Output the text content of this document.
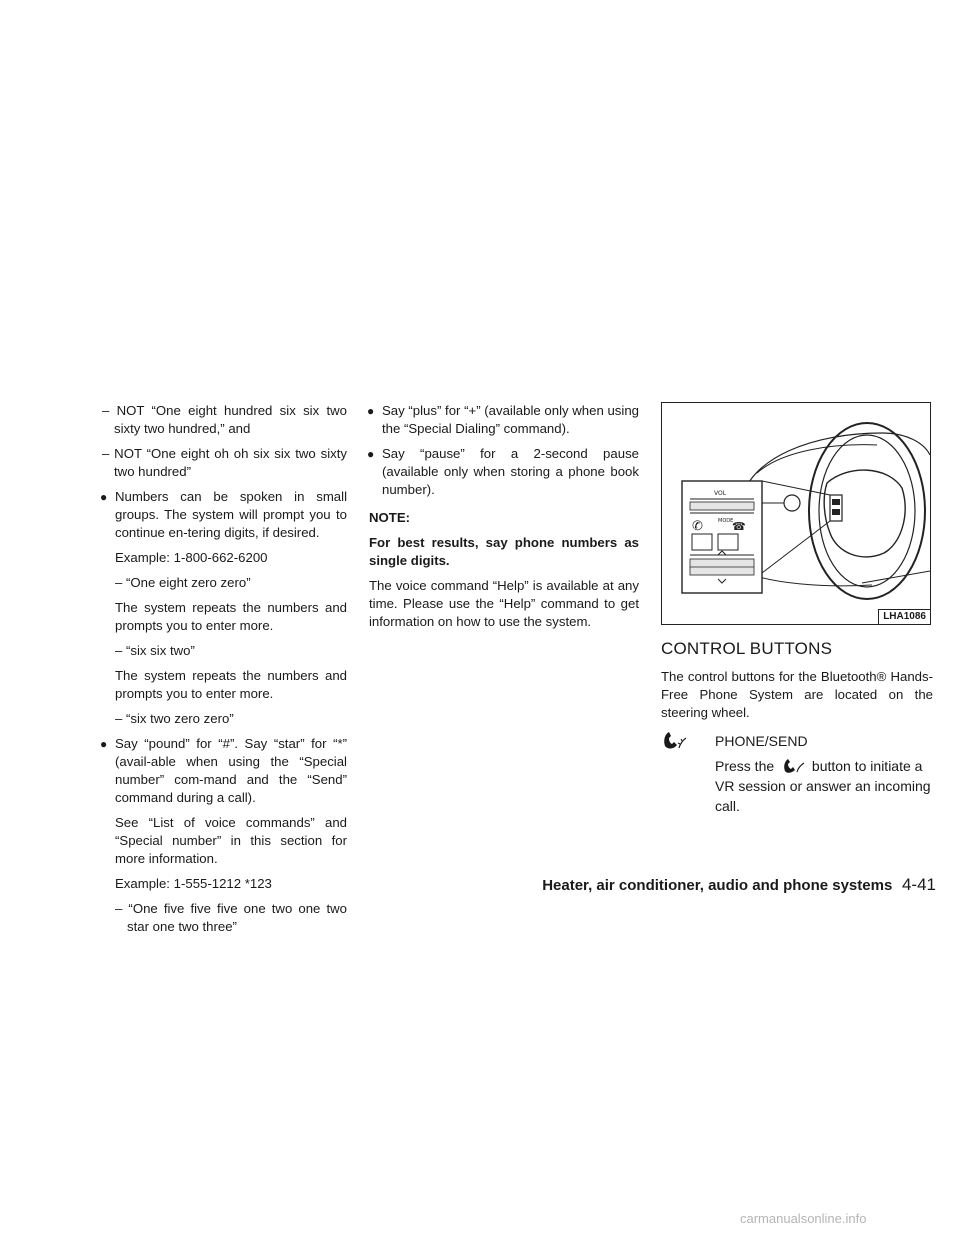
– NOT “One eight hundred six six two sixty two hundred,” and

– NOT “One eight oh oh six six two sixty two hundred”

● Numbers can be spoken in small groups. The system will prompt you to continue en-tering digits, if desired.

Example: 1-800-662-6200

– “One eight zero zero”

The system repeats the numbers and prompts you to enter more.

– “six six two”

The system repeats the numbers and prompts you to enter more.

– “six two zero zero”

● Say “pound” for “#”. Say “star” for “*” (avail-able when using the “Special number” com-mand and the “Send” command during a call).

See “List of voice commands” and “Special number” in this section for more information.

Example: 1-555-1212 *123

– “One five five five one two one two star one two three”

● Say “plus” for “+” (available only when using the “Special Dialing” command).

● Say “pause” for a 2-second pause (available only when storing a phone book number).

NOTE:

For best results, say phone numbers as single digits.

The voice command “Help” is available at any time. Please use the “Help” command to get information on how to use the system.

✆	☎
VOL
MODE
LHA1086
CONTROL BUTTONS

The control buttons for the Bluetooth® Hands-Free Phone System are located on the steering wheel.

PHONE/SEND
Press the	button to initiate a VR session or answer an incoming call.
Heater, air conditioner, audio and phone systems 4-41
carmanualsonline.info
